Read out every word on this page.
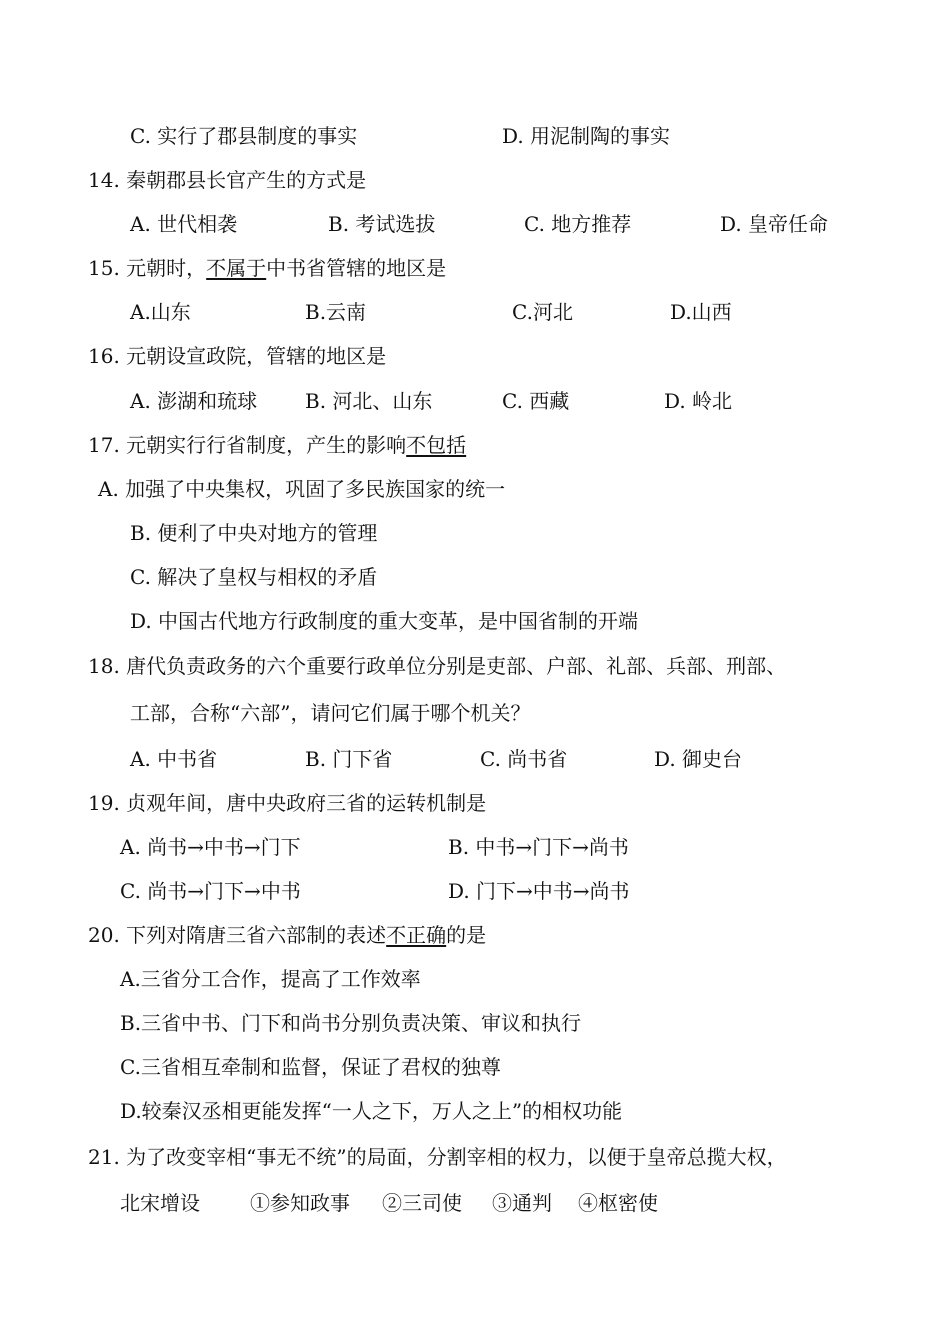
C. 实行了郡县制度的事实	D. 用泥制陶的事实
14. 秦朝郡县长官产生的方式是
A. 世代相袭	B. 考试选拔	C. 地方推荐	D. 皇帝任命
15. 元朝时，不属于中书省管辖的地区是
A.山东	B.云南	C.河北	D.山西
16. 元朝设宣政院，管辖的地区是
A. 澎湖和琉球 B. 河北、山东	C. 西藏	D. 岭北
17. 元朝实行行省制度，产生的影响不包括
A. 加强了中央集权，巩固了多民族国家的统一
B. 便利了中央对地方的管理
C. 解决了皇权与相权的矛盾
D. 中国古代地方行政制度的重大变革，是中国省制的开端
18. 唐代负责政务的六个重要行政单位分别是吏部、户部、礼部、兵部、刑部、
工部，合称“六部”，请问它们属于哪个机关？
A. 中书省	B. 门下省	C. 尚书省	D. 御史台
19. 贞观年间，唐中央政府三省的运转机制是
A. 尚书→中书→门下	B. 中书→门下→尚书
C. 尚书→门下→中书	D. 门下→中书→尚书
20. 下列对隋唐三省六部制的表述不正确的是
A.三省分工合作，提高了工作效率
B.三省中书、门下和尚书分别负责决策、审议和执行
C.三省相互牵制和监督，保证了君权的独尊
D.较秦汉丞相更能发挥“一人之下，万人之上”的相权功能
21. 为了改变宰相“事无不统”的局面，分割宰相的权力，以便于皇帝总揽大权，
北宋增设	①参知政事 ②三司使 ③通判 ④枢密使
